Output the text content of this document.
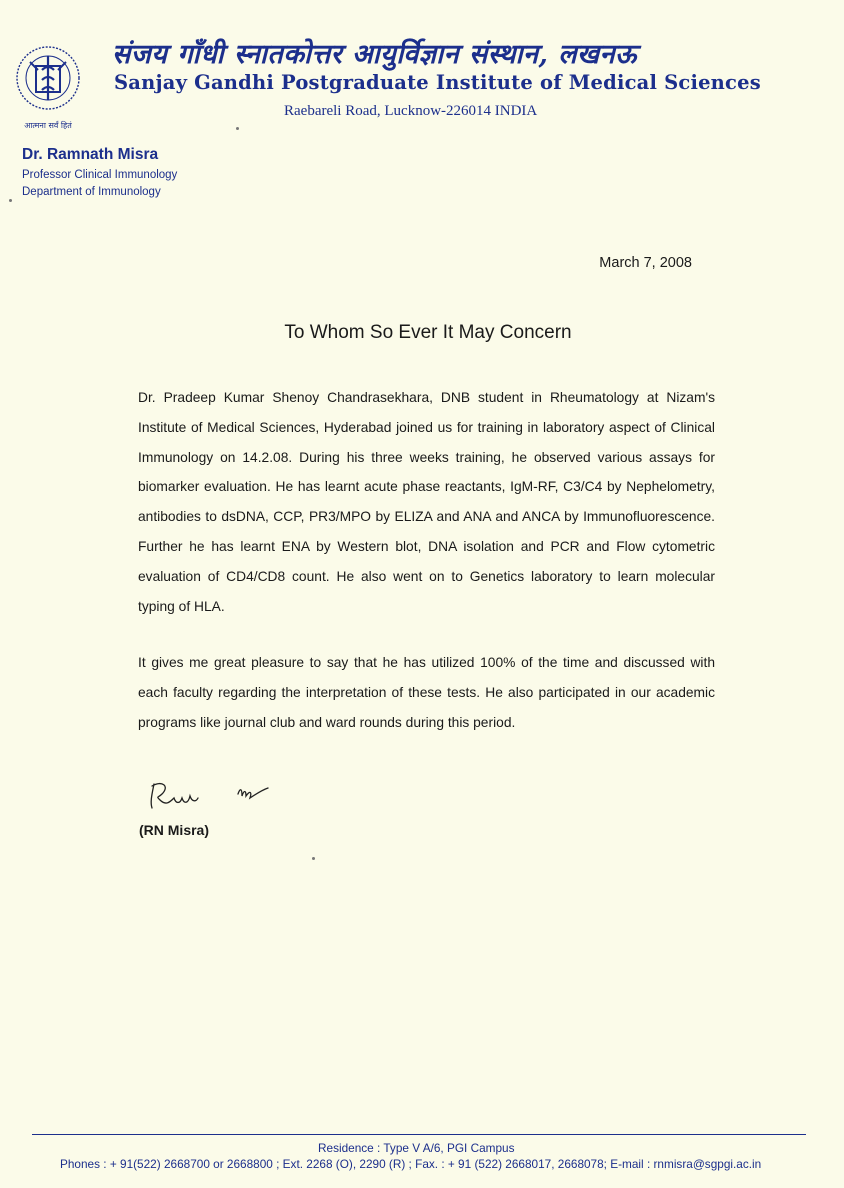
आत्मना सर्वं हितं
संजय गाँधी स्नातकोत्तर आयुर्विज्ञान संस्थान, लखनऊ
Sanjay Gandhi Postgraduate Institute of Medical Sciences
Raebareli Road, Lucknow-226014 INDIA
Dr. Ramnath Misra
Professor Clinical Immunology
Department of Immunology
March 7, 2008
To Whom So Ever It May Concern
Dr. Pradeep Kumar Shenoy Chandrasekhara, DNB student in Rheumatology at Nizam's Institute of Medical Sciences, Hyderabad joined us for training in laboratory aspect of Clinical Immunology on 14.2.08. During his three weeks training, he observed various assays for biomarker evaluation. He has learnt acute phase reactants, IgM-RF, C3/C4 by Nephelometry, antibodies to dsDNA, CCP, PR3/MPO by ELIZA and ANA and ANCA by Immunofluorescence. Further he has learnt ENA by Western blot, DNA isolation and PCR and Flow cytometric evaluation of CD4/CD8 count. He also went on to Genetics laboratory to learn molecular typing of HLA.
It gives me great pleasure to say that he has utilized 100% of the time and discussed with each faculty regarding the interpretation of these tests. He also participated in our academic programs like journal club and ward rounds during this period.
(RN Misra)
Residence : Type V A/6, PGI Campus
Phones : + 91(522) 2668700 or 2668800 ; Ext. 2268 (O), 2290 (R) ; Fax. : + 91 (522) 2668017, 2668078; E-mail : rnmisra@sgpgi.ac.in
